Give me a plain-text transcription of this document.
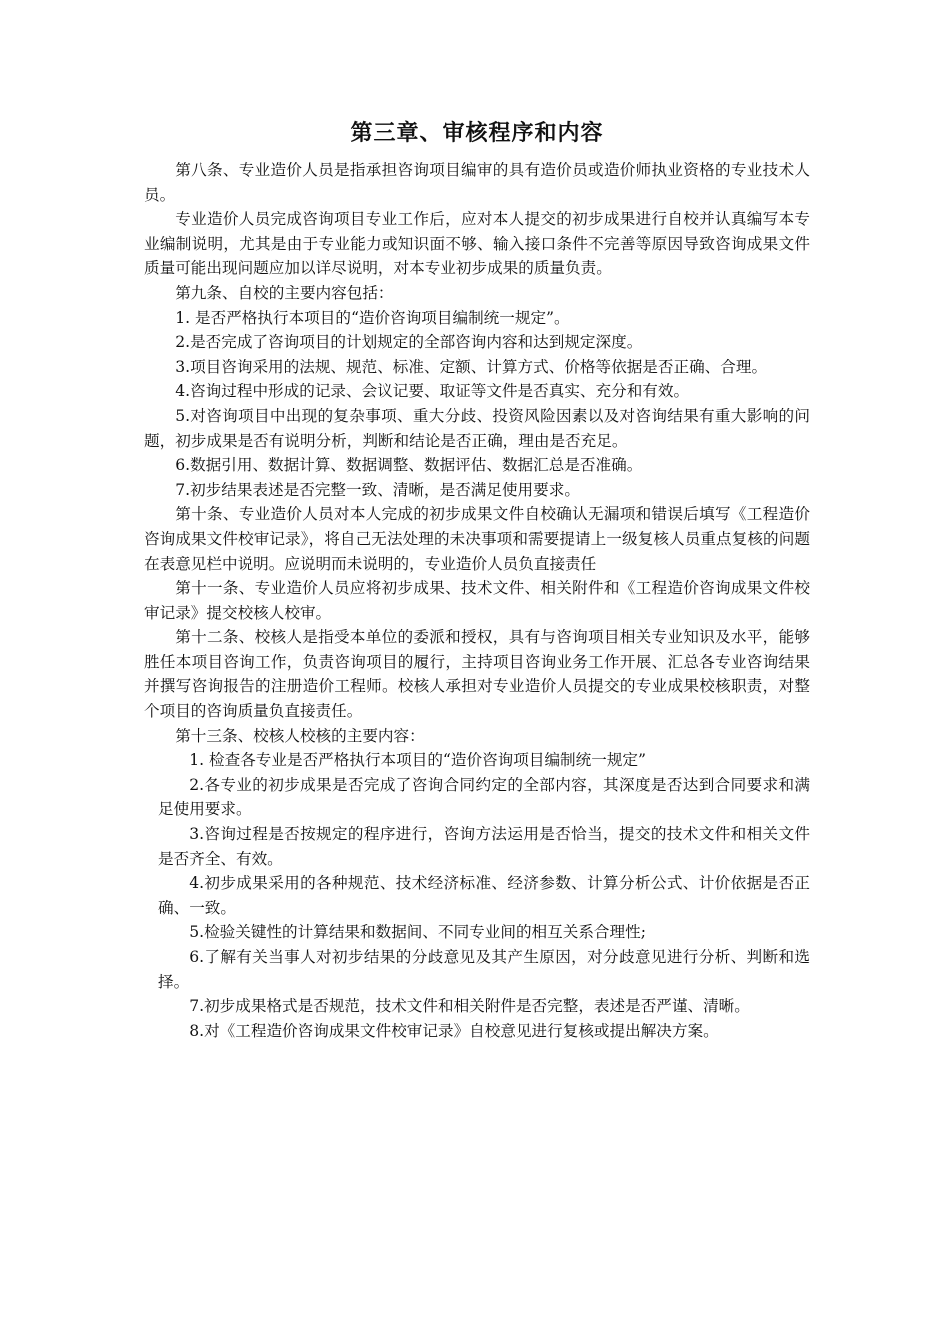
第三章、审核程序和内容

第八条、专业造价人员是指承担咨询项目编审的具有造价员或造价师执业资格的专业技术人员。

专业造价人员完成咨询项目专业工作后，应对本人提交的初步成果进行自校并认真编写本专业编制说明，尤其是由于专业能力或知识面不够、输入接口条件不完善等原因导致咨询成果文件质量可能出现问题应加以详尽说明，对本专业初步成果的质量负责。

第九条、自校的主要内容包括：

1. 是否严格执行本项目的“造价咨询项目编制统一规定”。

2.是否完成了咨询项目的计划规定的全部咨询内容和达到规定深度。

3.项目咨询采用的法规、规范、标准、定额、计算方式、价格等依据是否正确、合理。

4.咨询过程中形成的记录、会议记要、取证等文件是否真实、充分和有效。

5.对咨询项目中出现的复杂事项、重大分歧、投资风险因素以及对咨询结果有重大影响的问题，初步成果是否有说明分析，判断和结论是否正确，理由是否充足。

6.数据引用、数据计算、数据调整、数据评估、数据汇总是否准确。

7.初步结果表述是否完整一致、清晰，是否满足使用要求。

第十条、专业造价人员对本人完成的初步成果文件自校确认无漏项和错误后填写《工程造价咨询成果文件校审记录》，将自己无法处理的未决事项和需要提请上一级复核人员重点复核的问题在表意见栏中说明。应说明而未说明的，专业造价人员负直接责任

第十一条、专业造价人员应将初步成果、技术文件、相关附件和《工程造价咨询成果文件校审记录》提交校核人校审。

第十二条、校核人是指受本单位的委派和授权，具有与咨询项目相关专业知识及水平，能够胜任本项目咨询工作，负责咨询项目的履行，主持项目咨询业务工作开展、汇总各专业咨询结果并撰写咨询报告的注册造价工程师。校核人承担对专业造价人员提交的专业成果校核职责，对整个项目的咨询质量负直接责任。

第十三条、校核人校核的主要内容：

1. 检查各专业是否严格执行本项目的“造价咨询项目编制统一规定”

2.各专业的初步成果是否完成了咨询合同约定的全部内容，其深度是否达到合同要求和满足使用要求。

3.咨询过程是否按规定的程序进行，咨询方法运用是否恰当，提交的技术文件和相关文件是否齐全、有效。

4.初步成果采用的各种规范、技术经济标准、经济参数、计算分析公式、计价依据是否正确、一致。

5.检验关键性的计算结果和数据间、不同专业间的相互关系合理性;

6.了解有关当事人对初步结果的分歧意见及其产生原因，对分歧意见进行分析、判断和选择。

7.初步成果格式是否规范，技术文件和相关附件是否完整，表述是否严谨、清晰。

8.对《工程造价咨询成果文件校审记录》自校意见进行复核或提出解决方案。
